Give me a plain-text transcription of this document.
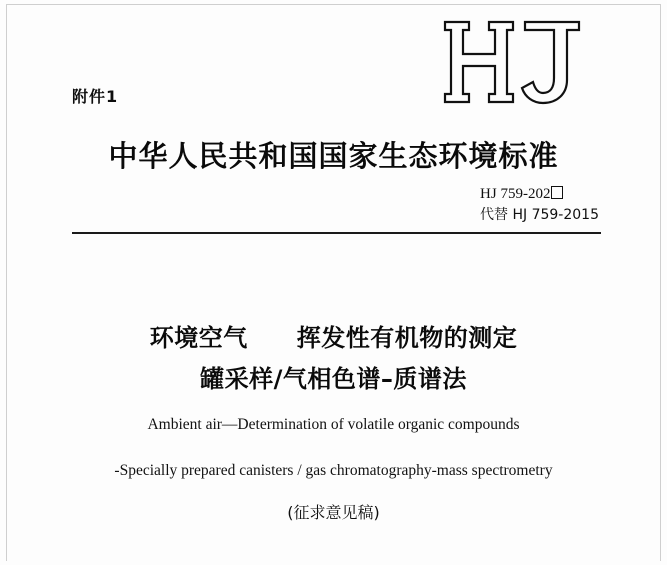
附件1
中华人民共和国国家生态环境标准
HJ 759-202
代替 HJ 759-2015
环境空气　　挥发性有机物的测定
罐采样/气相色谱–质谱法
Ambient air—Determination of volatile organic compounds
-Specially prepared canisters / gas chromatography-mass spectrometry
(征求意见稿)
